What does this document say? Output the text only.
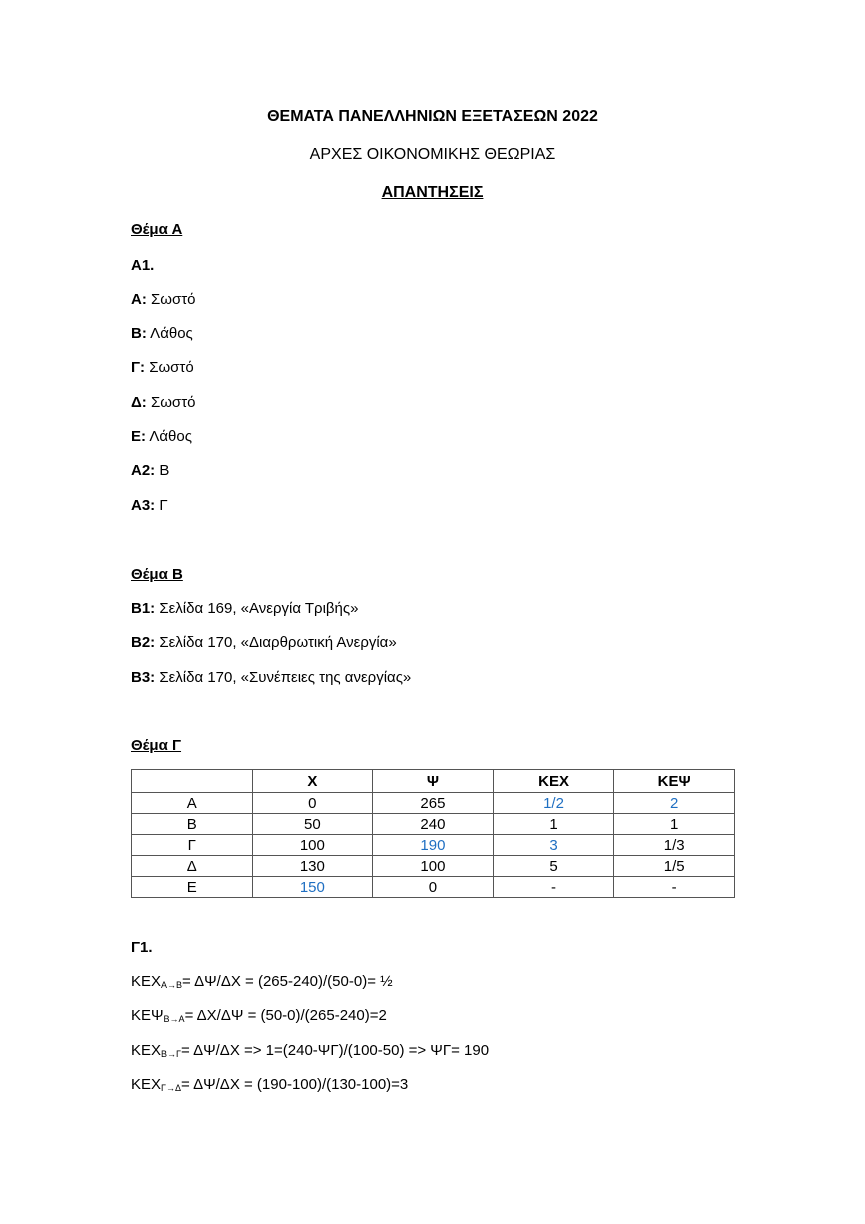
ΘΕΜΑΤΑ ΠΑΝΕΛΛΗΝΙΩΝ ΕΞΕΤΑΣΕΩΝ 2022
ΑΡΧΕΣ ΟΙΚΟΝΟΜΙΚΗΣ ΘΕΩΡΙΑΣ
ΑΠΑΝΤΗΣΕΙΣ
Θέμα Α
Α1.
Α: Σωστό
Β: Λάθος
Γ: Σωστό
Δ: Σωστό
Ε: Λάθος
Α2: Β
Α3: Γ
Θέμα Β
Β1: Σελίδα 169, «Ανεργία Τριβής»
Β2: Σελίδα 170, «Διαρθρωτική Ανεργία»
Β3: Σελίδα 170, «Συνέπειες της ανεργίας»
Θέμα Γ
	Χ	Ψ	ΚΕΧ	ΚΕΨ
Α	0	265	1/2	2
Β	50	240	1	1
Γ	100	190	3	1/3
Δ	130	100	5	1/5
Ε	150	0	-	-
Γ1.
$KEX_{A\to B}= \Delta\Psi/\Delta X = (265-240)/(50-0)=$ ½
$KE\Psi_{B\to A}= \Delta X/\Delta\Psi = (50-0)/(265-240)=2$
$KEX_{B\to\Gamma}= \Delta\Psi/\Delta X => 1=(240-\Psi\Gamma)/(100-50) => \Psi\Gamma= 190$
$KEX_{\Gamma\to\Delta}= \Delta\Psi/\Delta X = (190-100)/(130-100)=3$
